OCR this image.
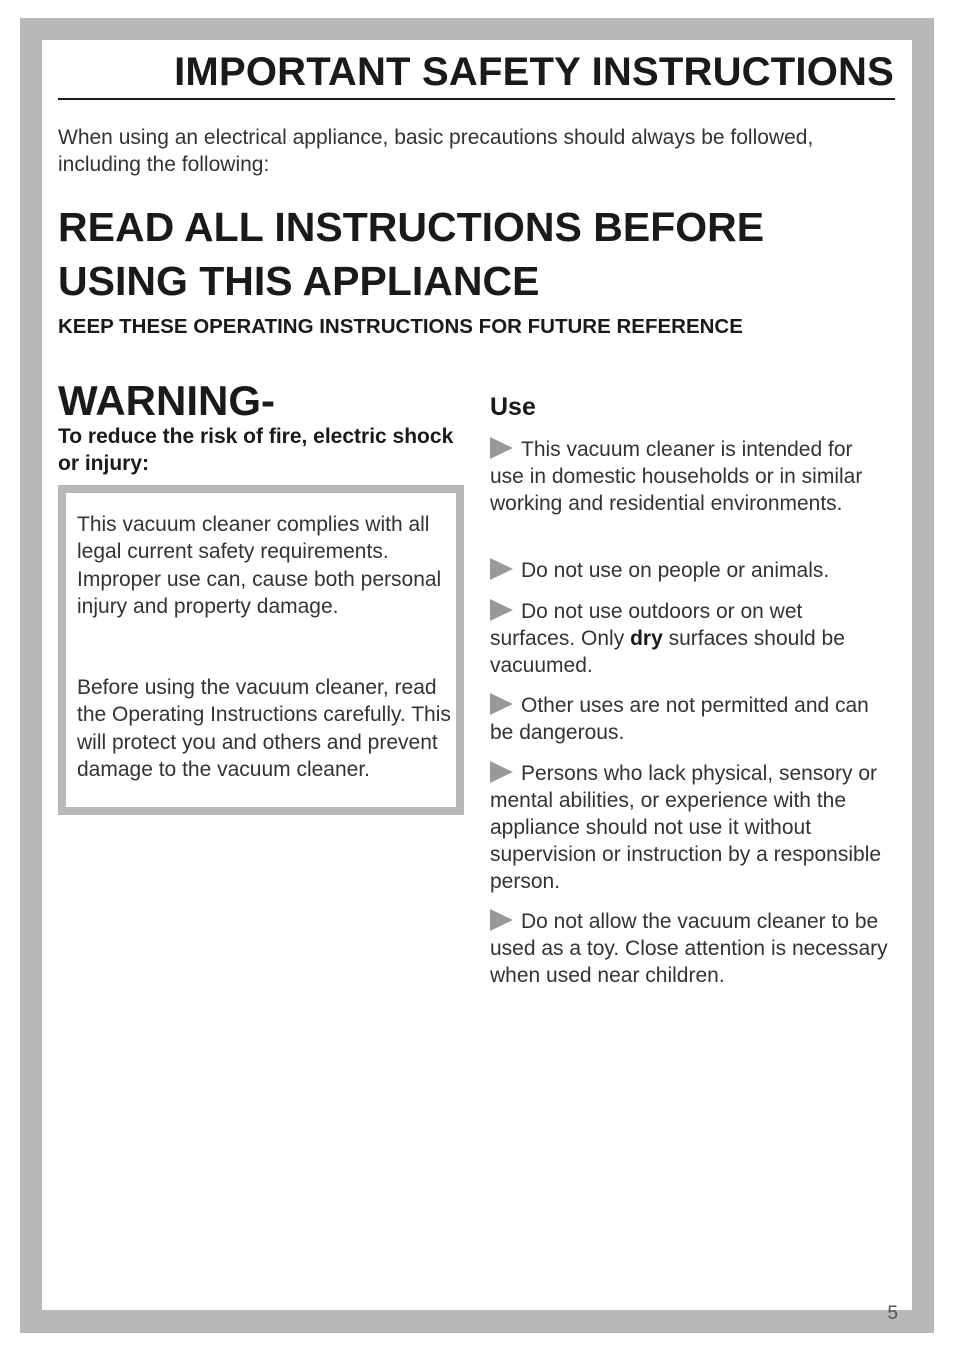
IMPORTANT SAFETY INSTRUCTIONS

When using an electrical appliance, basic precautions should always be followed, including the following:

READ ALL INSTRUCTIONS BEFORE
USING THIS APPLIANCE
KEEP THESE OPERATING INSTRUCTIONS FOR FUTURE REFERENCE
WARNING-

To reduce the risk of fire, electric shock or injury:

This vacuum cleaner complies with all legal current safety requirements. Improper use can, cause both personal injury and property damage.

Before using the vacuum cleaner, read the Operating Instructions carefully. This will protect you and others and prevent damage to the vacuum cleaner.

Use

This vacuum cleaner is intended for use in domestic households or in similar working and residential environments.

Do not use on people or animals.

Do not use outdoors or on wet surfaces. Only dry surfaces should be vacuumed.

Other uses are not permitted and can be dangerous.

Persons who lack physical, sensory or mental abilities, or experience with the appliance should not use it without supervision or instruction by a responsible person.

Do not allow the vacuum cleaner to be used as a toy. Close attention is necessary when used near children.

5
